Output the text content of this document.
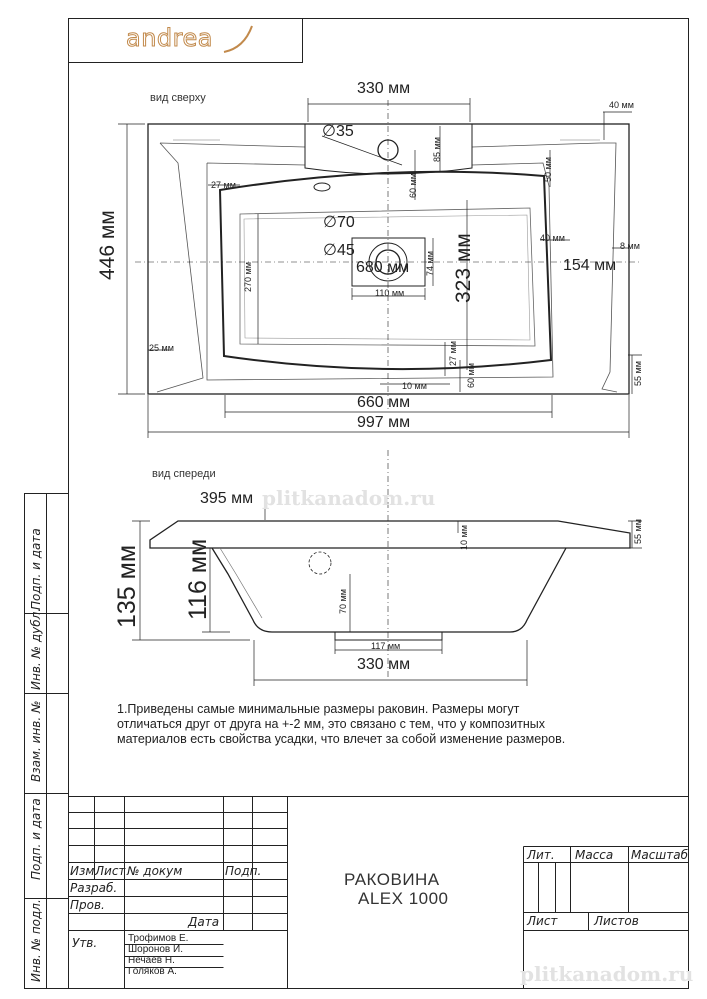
andrea
plitkanadom.ru
plitkanadom.ru
вид сверху
вид спереди
330 мм
∅35
40 мм
85 мм
60 мм
50 мм
27 мм
∅70
40 мм
∅45	8 мм
446 мм	680 мм 74 мм 323 мм	154 мм
270 мм
110 мм
25 мм	27 мм
10 мм	60 мм	55 мм
660 мм
997 мм
395 мм
10 мм	55 мм
135 мм 116 мм	70 мм
117 мм
330 мм

1.Приведены самые минимальные размеры раковин. Размеры могут

отличаться друг от друга на +-2 мм, это связано с тем, что у композитных

материалов есть свойства усадки, что влечет за собой изменение размеров.

Инв. № подл.
Подп. и дата
Взам. инв. №
Инв. № дубл.
Подп. и дата
Изм Лист № докум	Подп.
Разраб.
Пров.
Дата
Утв.	Трофимов Е.
Шоронов И.
Нечаев Н.
Голяков А.
РАКОВИНА
ALEX 1000
Лит. Масса Масштаб
Лист	Листов
